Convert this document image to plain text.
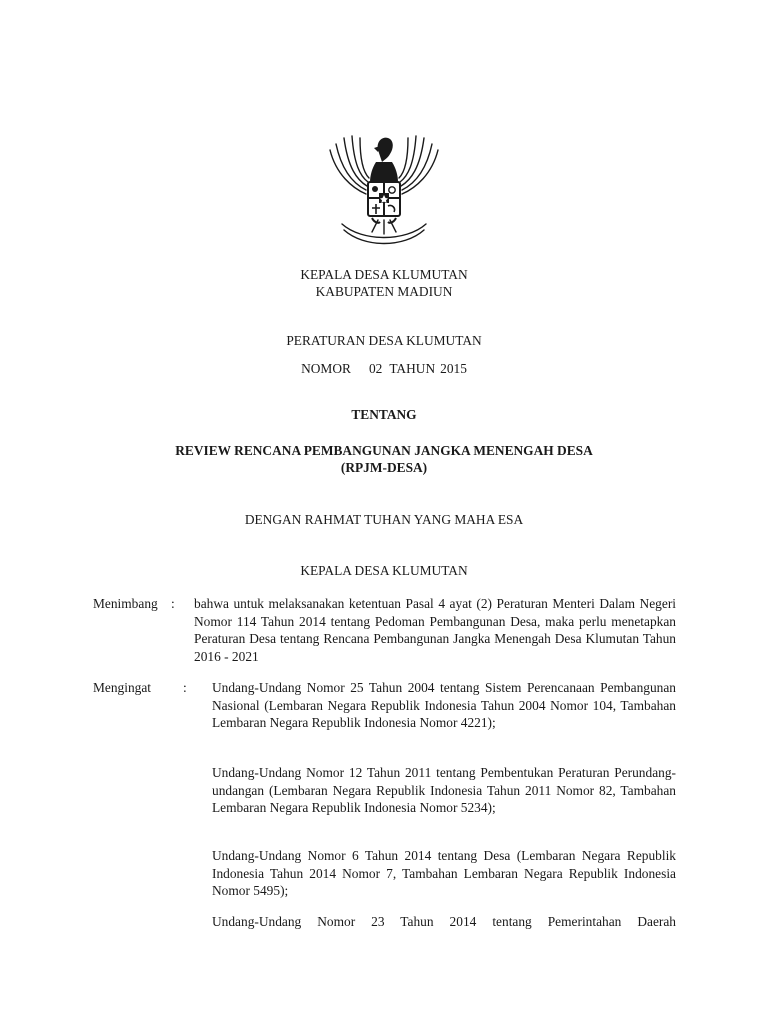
KEPALA DESA KLUMUTAN
KABUPATEN MADIUN
PERATURAN DESA KLUMUTAN
NOMOR 02 TAHUN 2015
TENTANG
REVIEW RENCANA PEMBANGUNAN JANGKA MENENGAH DESA
(RPJM-DESA)
DENGAN RAHMAT TUHAN YANG MAHA ESA
KEPALA DESA KLUMUTAN
Menimbang : bahwa untuk melaksanakan ketentuan Pasal 4 ayat (2) Peraturan Menteri Dalam Negeri Nomor 114 Tahun 2014 tentang Pedoman Pembangunan Desa, maka perlu menetapkan Peraturan Desa tentang Rencana Pembangunan Jangka Menengah Desa Klumutan Tahun 2016 - 2021
Mengingat : Undang-Undang Nomor 25 Tahun 2004 tentang Sistem Perencanaan Pembangunan Nasional (Lembaran Negara Republik Indonesia Tahun 2004 Nomor 104, Tambahan Lembaran Negara Republik Indonesia Nomor 4221);
Undang-Undang Nomor 12 Tahun 2011 tentang Pembentukan Peraturan Perundang-undangan (Lembaran Negara Republik Indonesia Tahun 2011 Nomor 82, Tambahan Lembaran Negara Republik Indonesia Nomor 5234);
Undang-Undang Nomor 6 Tahun 2014 tentang Desa (Lembaran Negara Republik Indonesia Tahun 2014 Nomor 7, Tambahan Lembaran Negara Republik Indonesia Nomor 5495);
Undang-Undang Nomor 23 Tahun 2014 tentang Pemerintahan Daerah
